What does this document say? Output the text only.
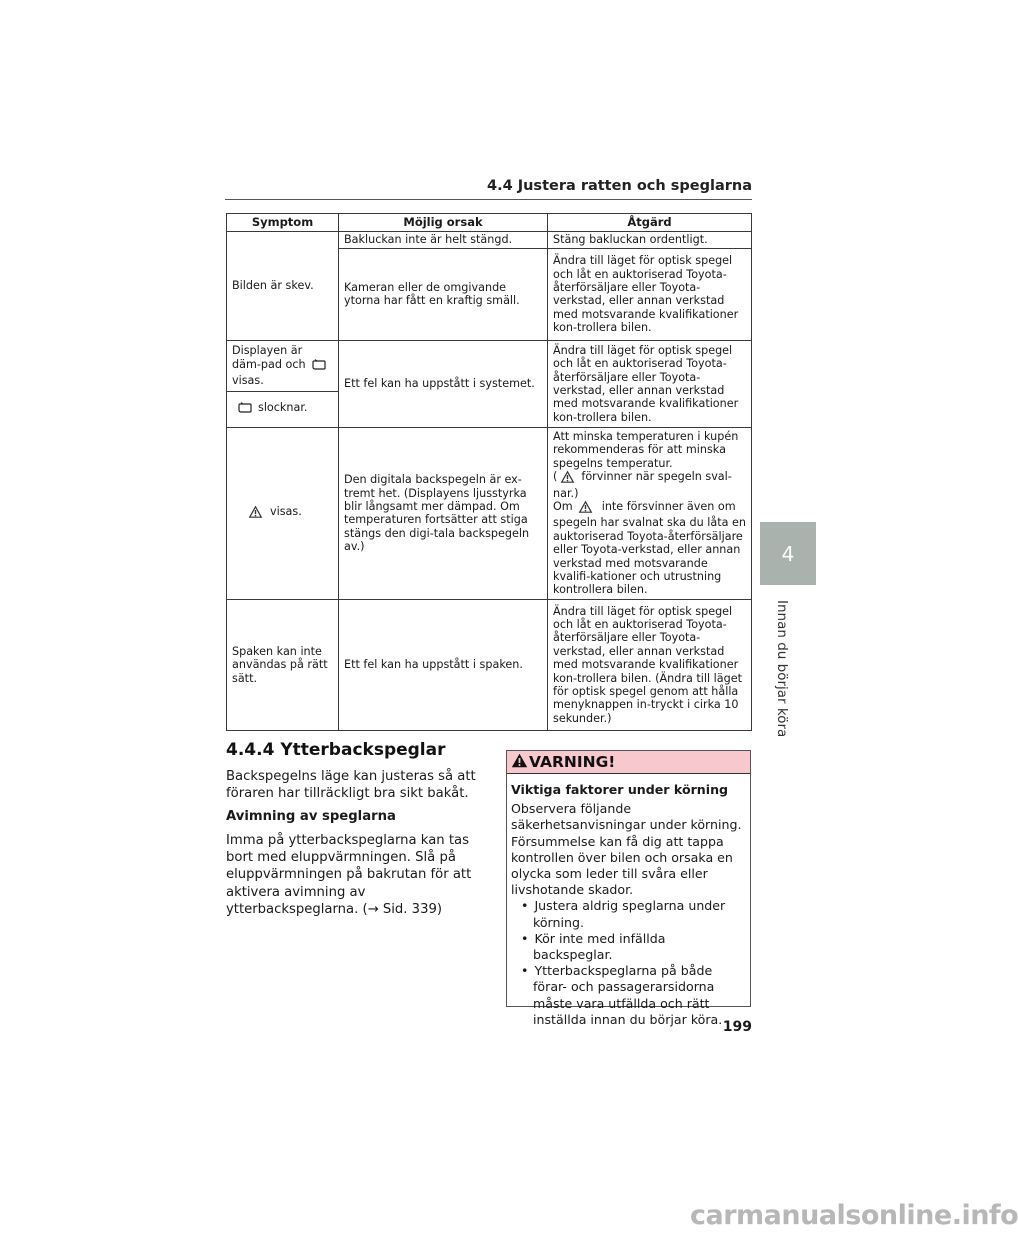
4.4 Justera ratten och speglarna
Symptom	Möjlig orsak	Åtgärd
Bilden är skev.	Bakluckan inte är helt stängd.	Stäng bakluckan ordentligt.
	Kameran eller de omgivande ytorna har fått en kraftig smäll.	Ändra till läget för optisk spegel och låt en auktoriserad Toyota-återförsäljare eller Toyota-verkstad, eller annan verkstad med motsvarande kvalifikationer kon-trollera bilen.
Displayen är däm-pad ochvisas.	Ett fel kan ha uppstått i systemet.	Ändra till läget för optisk spegel och låt en auktoriserad Toyota-återförsäljare eller Toyota-verkstad, eller annan verkstad med motsvarande kvalifikationer kon-trollera bilen.
slocknar.		
visas.	Den digitala backspegeln är ex-tremt het. (Displayens ljusstyrka blir långsamt mer dämpad. Om temperaturen fortsätter att stiga stängs den digi-tala backspegeln av.)	Att minska temperaturen i kupén rekommenderas för att minska spegelns temperatur.
( förvinner när spegeln sval-nar.)
Om inte försvinner även om spegeln har svalnat ska du låta en auktoriserad Toyota-återförsäljare eller Toyota-verkstad, eller annan verkstad med motsvarande kvalifi-kationer och utrustning kontrollera bilen.

Spaken kan inte användas på rätt sätt.	Ett fel kan ha uppstått i spaken.	Ändra till läget för optisk spegel och låt en auktoriserad Toyota-återförsäljare eller Toyota-verkstad, eller annan verkstad med motsvarande kvalifikationer kon-trollera bilen. (Ändra till läget för optisk spegel genom att hålla menyknappen in-tryckt i cirka 10 sekunder.)
4.4.4 Ytterbackspeglar
Backspegelns läge kan justeras så att föraren har tillräckligt bra sikt bakåt.
Avimning av speglarna

Imma på ytterbackspeglarna kan tas bort med eluppvärmningen. Slå på eluppvärmningen på bakrutan för att aktivera avimning av ytterbackspeglarna. (→ Sid. 339)

VARNING!

Viktiga faktorer under körning

Observera följande säkerhetsanvisningar under körning. Försummelse kan få dig att tappa kontrollen över bilen och orsaka en olycka som leder till svåra eller livshotande skador.

• Justera aldrig speglarna under körning.
• Kör inte med infällda backspeglar.
• Ytterbackspeglarna på både förar- och passagerarsidorna måste vara utfällda och rätt inställda innan du börjar köra.
4
Innan du börjar köra
199
carmanualsonline.info
